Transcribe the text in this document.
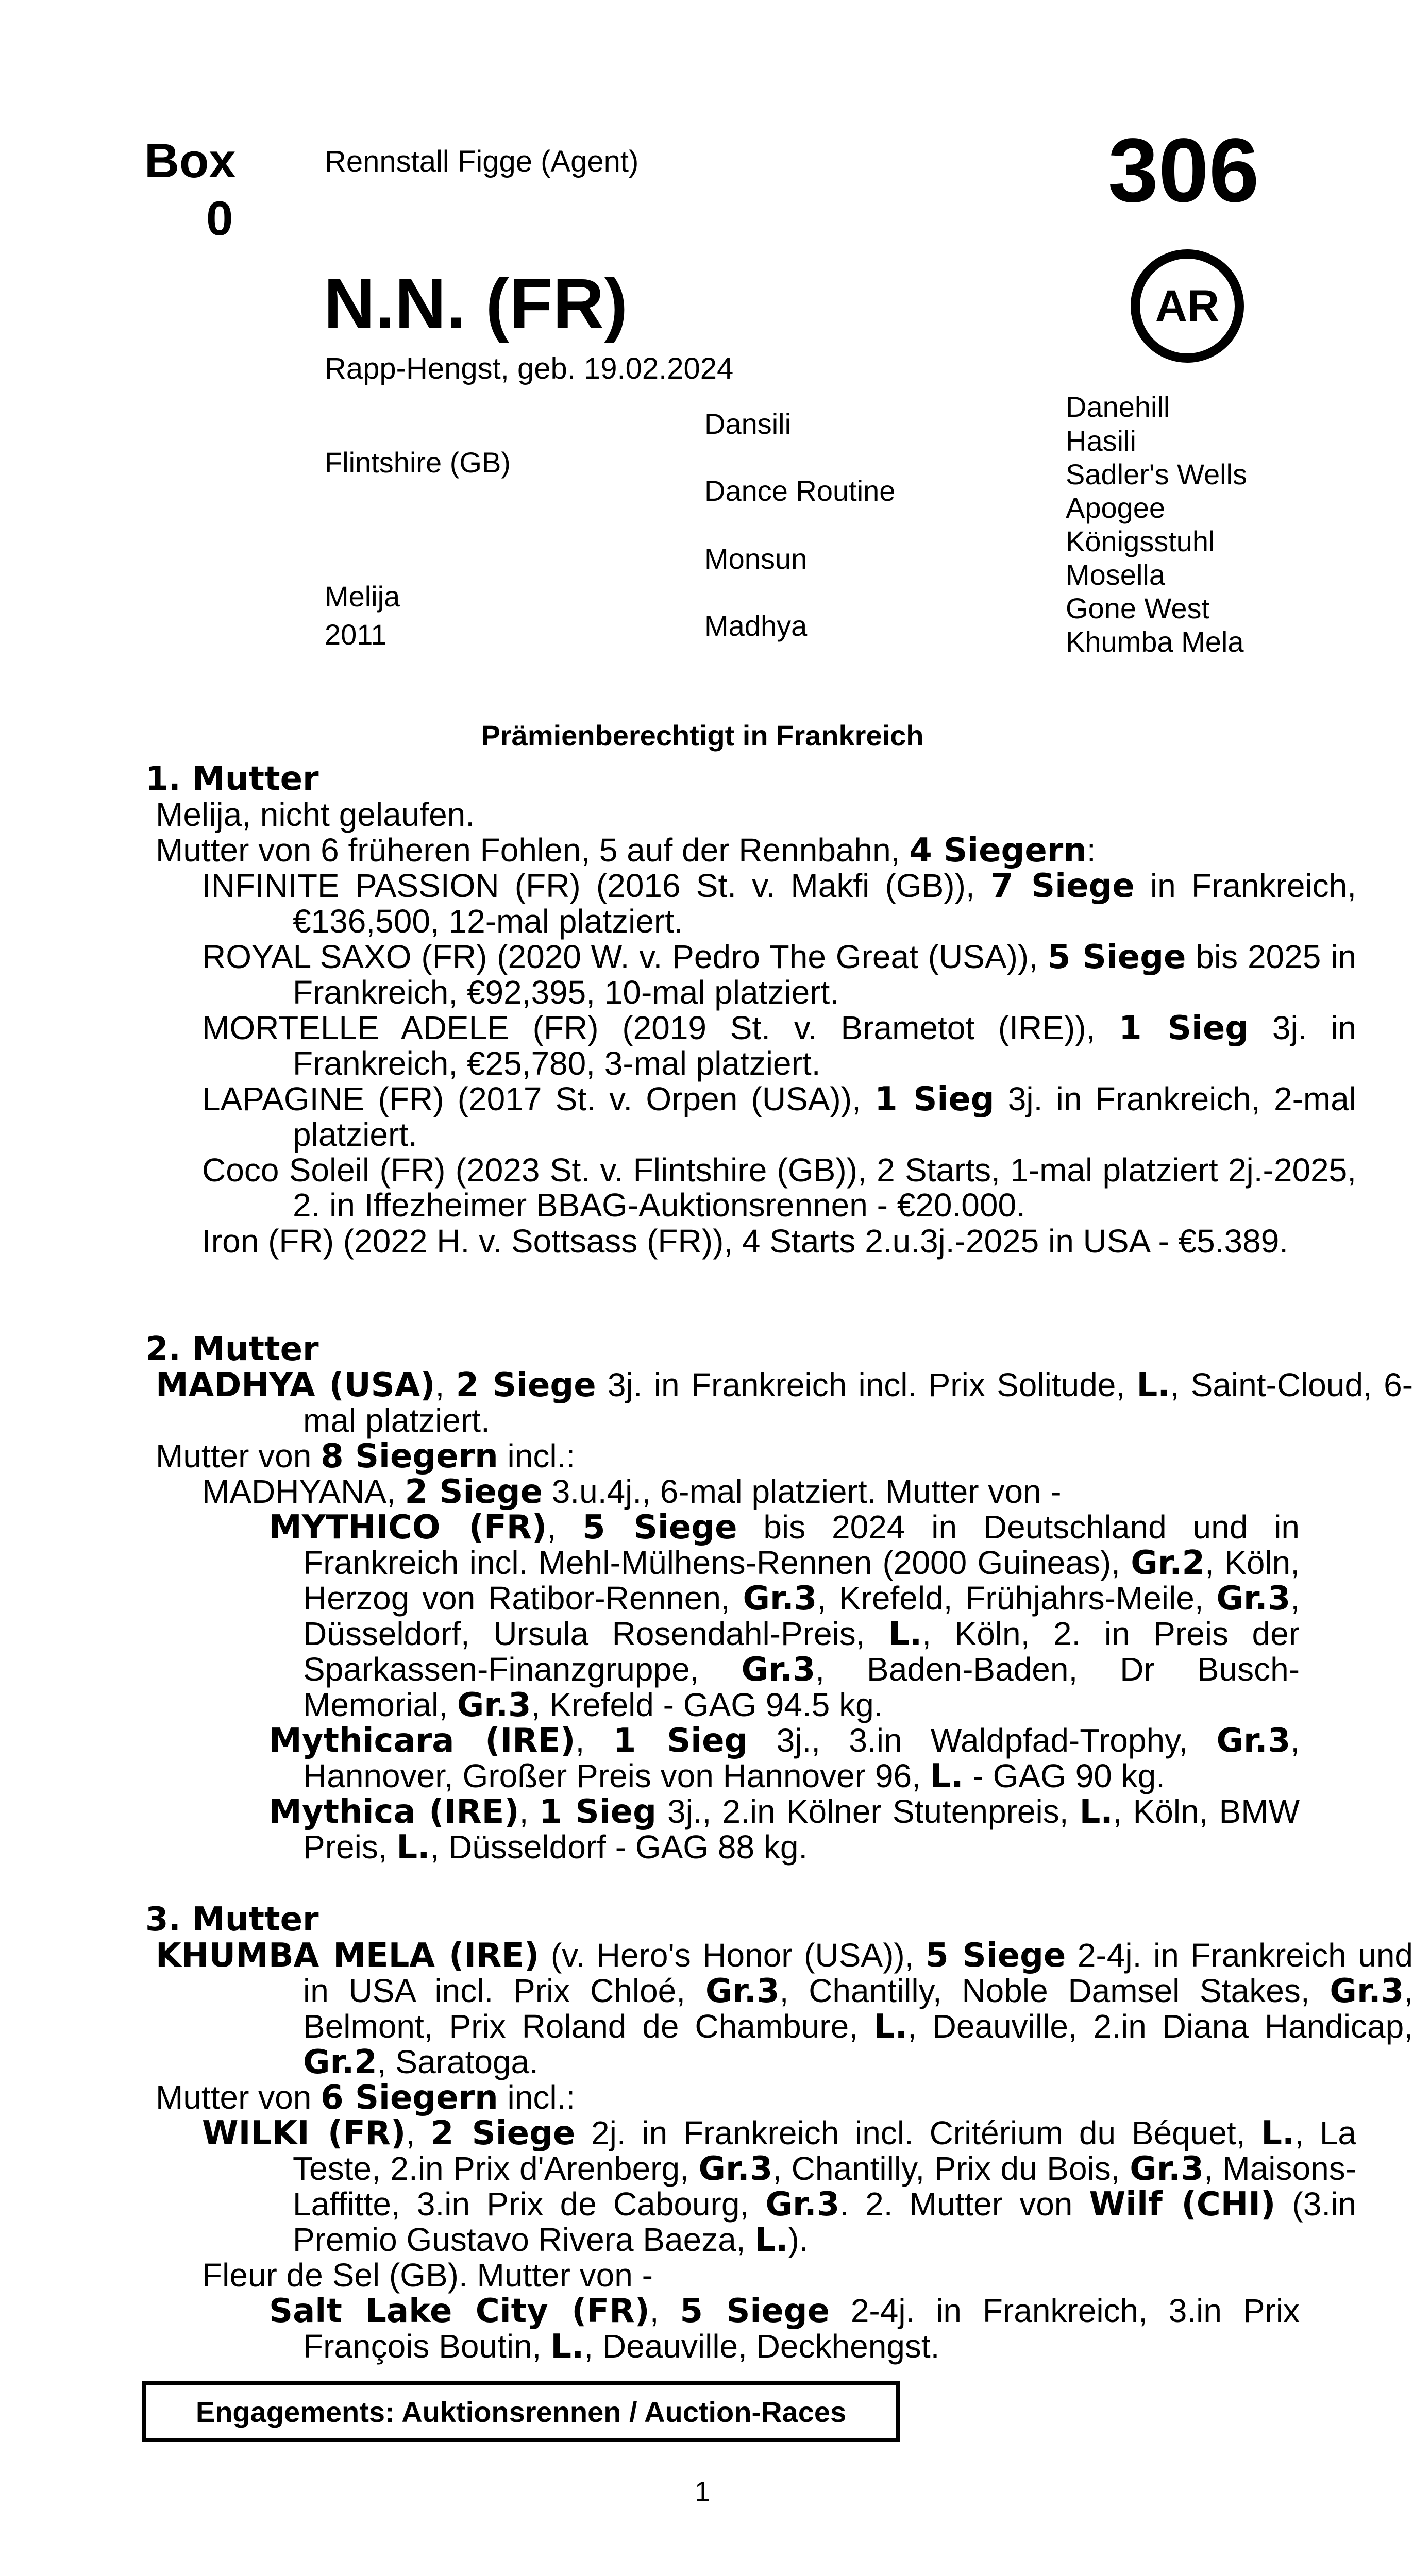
Box
0
Rennstall Figge (Agent)	306
AR
N.N. (FR)
Rapp-Hengst, geb. 19.02.2024
Flintshire (GB)
Melija
2011
Dansili
Dance Routine
Monsun
Madhya
Danehill
Hasili
Sadler's Wells
Apogee
Königsstuhl
Mosella
Gone West
Khumba Mela
Prämienberechtigt in Frankreich
1. Mutter
Melija, nicht gelaufen.
Mutter von 6 früheren Fohlen, 5 auf der Rennbahn, 4 Siegern:
INFINITE PASSION (FR) (2016 St. v. Makfi (GB)), 7 Siege in Frankreich, €136,500, 12-mal platziert.
ROYAL SAXO (FR) (2020 W. v. Pedro The Great (USA)), 5 Siege bis 2025 in Frankreich, €92,395, 10-mal platziert.
MORTELLE ADELE (FR) (2019 St. v. Brametot (IRE)), 1 Sieg 3j. in Frankreich, €25,780, 3-mal platziert.
LAPAGINE (FR) (2017 St. v. Orpen (USA)), 1 Sieg 3j. in Frankreich, 2-mal platziert.
Coco Soleil (FR) (2023 St. v. Flintshire (GB)), 2 Starts, 1-mal platziert 2j.-2025, 2. in Iffezheimer BBAG-Auktionsrennen - €20.000.
Iron (FR) (2022 H. v. Sottsass (FR)), 4 Starts 2.u.3j.-2025 in USA - €5.389.
2. Mutter
MADHYA (USA), 2 Siege 3j. in Frankreich incl. Prix Solitude, L., Saint-Cloud, 6-mal platziert.
Mutter von 8 Siegern incl.:
MADHYANA, 2 Siege 3.u.4j., 6-mal platziert. Mutter von -
MYTHICO (FR), 5 Siege bis 2024 in Deutschland und in Frankreich incl. Mehl-Mülhens-Rennen (2000 Guineas), Gr.2, Köln, Herzog von Ratibor-Rennen, Gr.3, Krefeld, Frühjahrs-Meile, Gr.3, Düsseldorf, Ursula Rosendahl-Preis, L., Köln, 2. in Preis der Sparkassen-Finanzgruppe, Gr.3, Baden-Baden, Dr Busch-Memorial, Gr.3, Krefeld - GAG 94.5 kg.
Mythicara (IRE), 1 Sieg 3j., 3.in Waldpfad-Trophy, Gr.3, Hannover, Großer Preis von Hannover 96, L. - GAG 90 kg.
Mythica (IRE), 1 Sieg 3j., 2.in Kölner Stutenpreis, L., Köln, BMW Preis, L., Düsseldorf - GAG 88 kg.
3. Mutter
KHUMBA MELA (IRE) (v. Hero's Honor (USA)), 5 Siege 2-4j. in Frankreich und in USA incl. Prix Chloé, Gr.3, Chantilly, Noble Damsel Stakes, Gr.3, Belmont, Prix Roland de Chambure, L., Deauville, 2.in Diana Handicap, Gr.2, Saratoga.
Mutter von 6 Siegern incl.:
WILKI (FR), 2 Siege 2j. in Frankreich incl. Critérium du Béquet, L., La Teste, 2.in Prix d'Arenberg, Gr.3, Chantilly, Prix du Bois, Gr.3, Maisons-Laffitte, 3.in Prix de Cabourg, Gr.3. 2. Mutter von Wilf (CHI) (3.in Premio Gustavo Rivera Baeza, L.).
Fleur de Sel (GB). Mutter von -
Salt Lake City (FR), 5 Siege 2-4j. in Frankreich, 3.in Prix François Boutin, L., Deauville, Deckhengst.
Engagements: Auktionsrennen / Auction-Races
1
